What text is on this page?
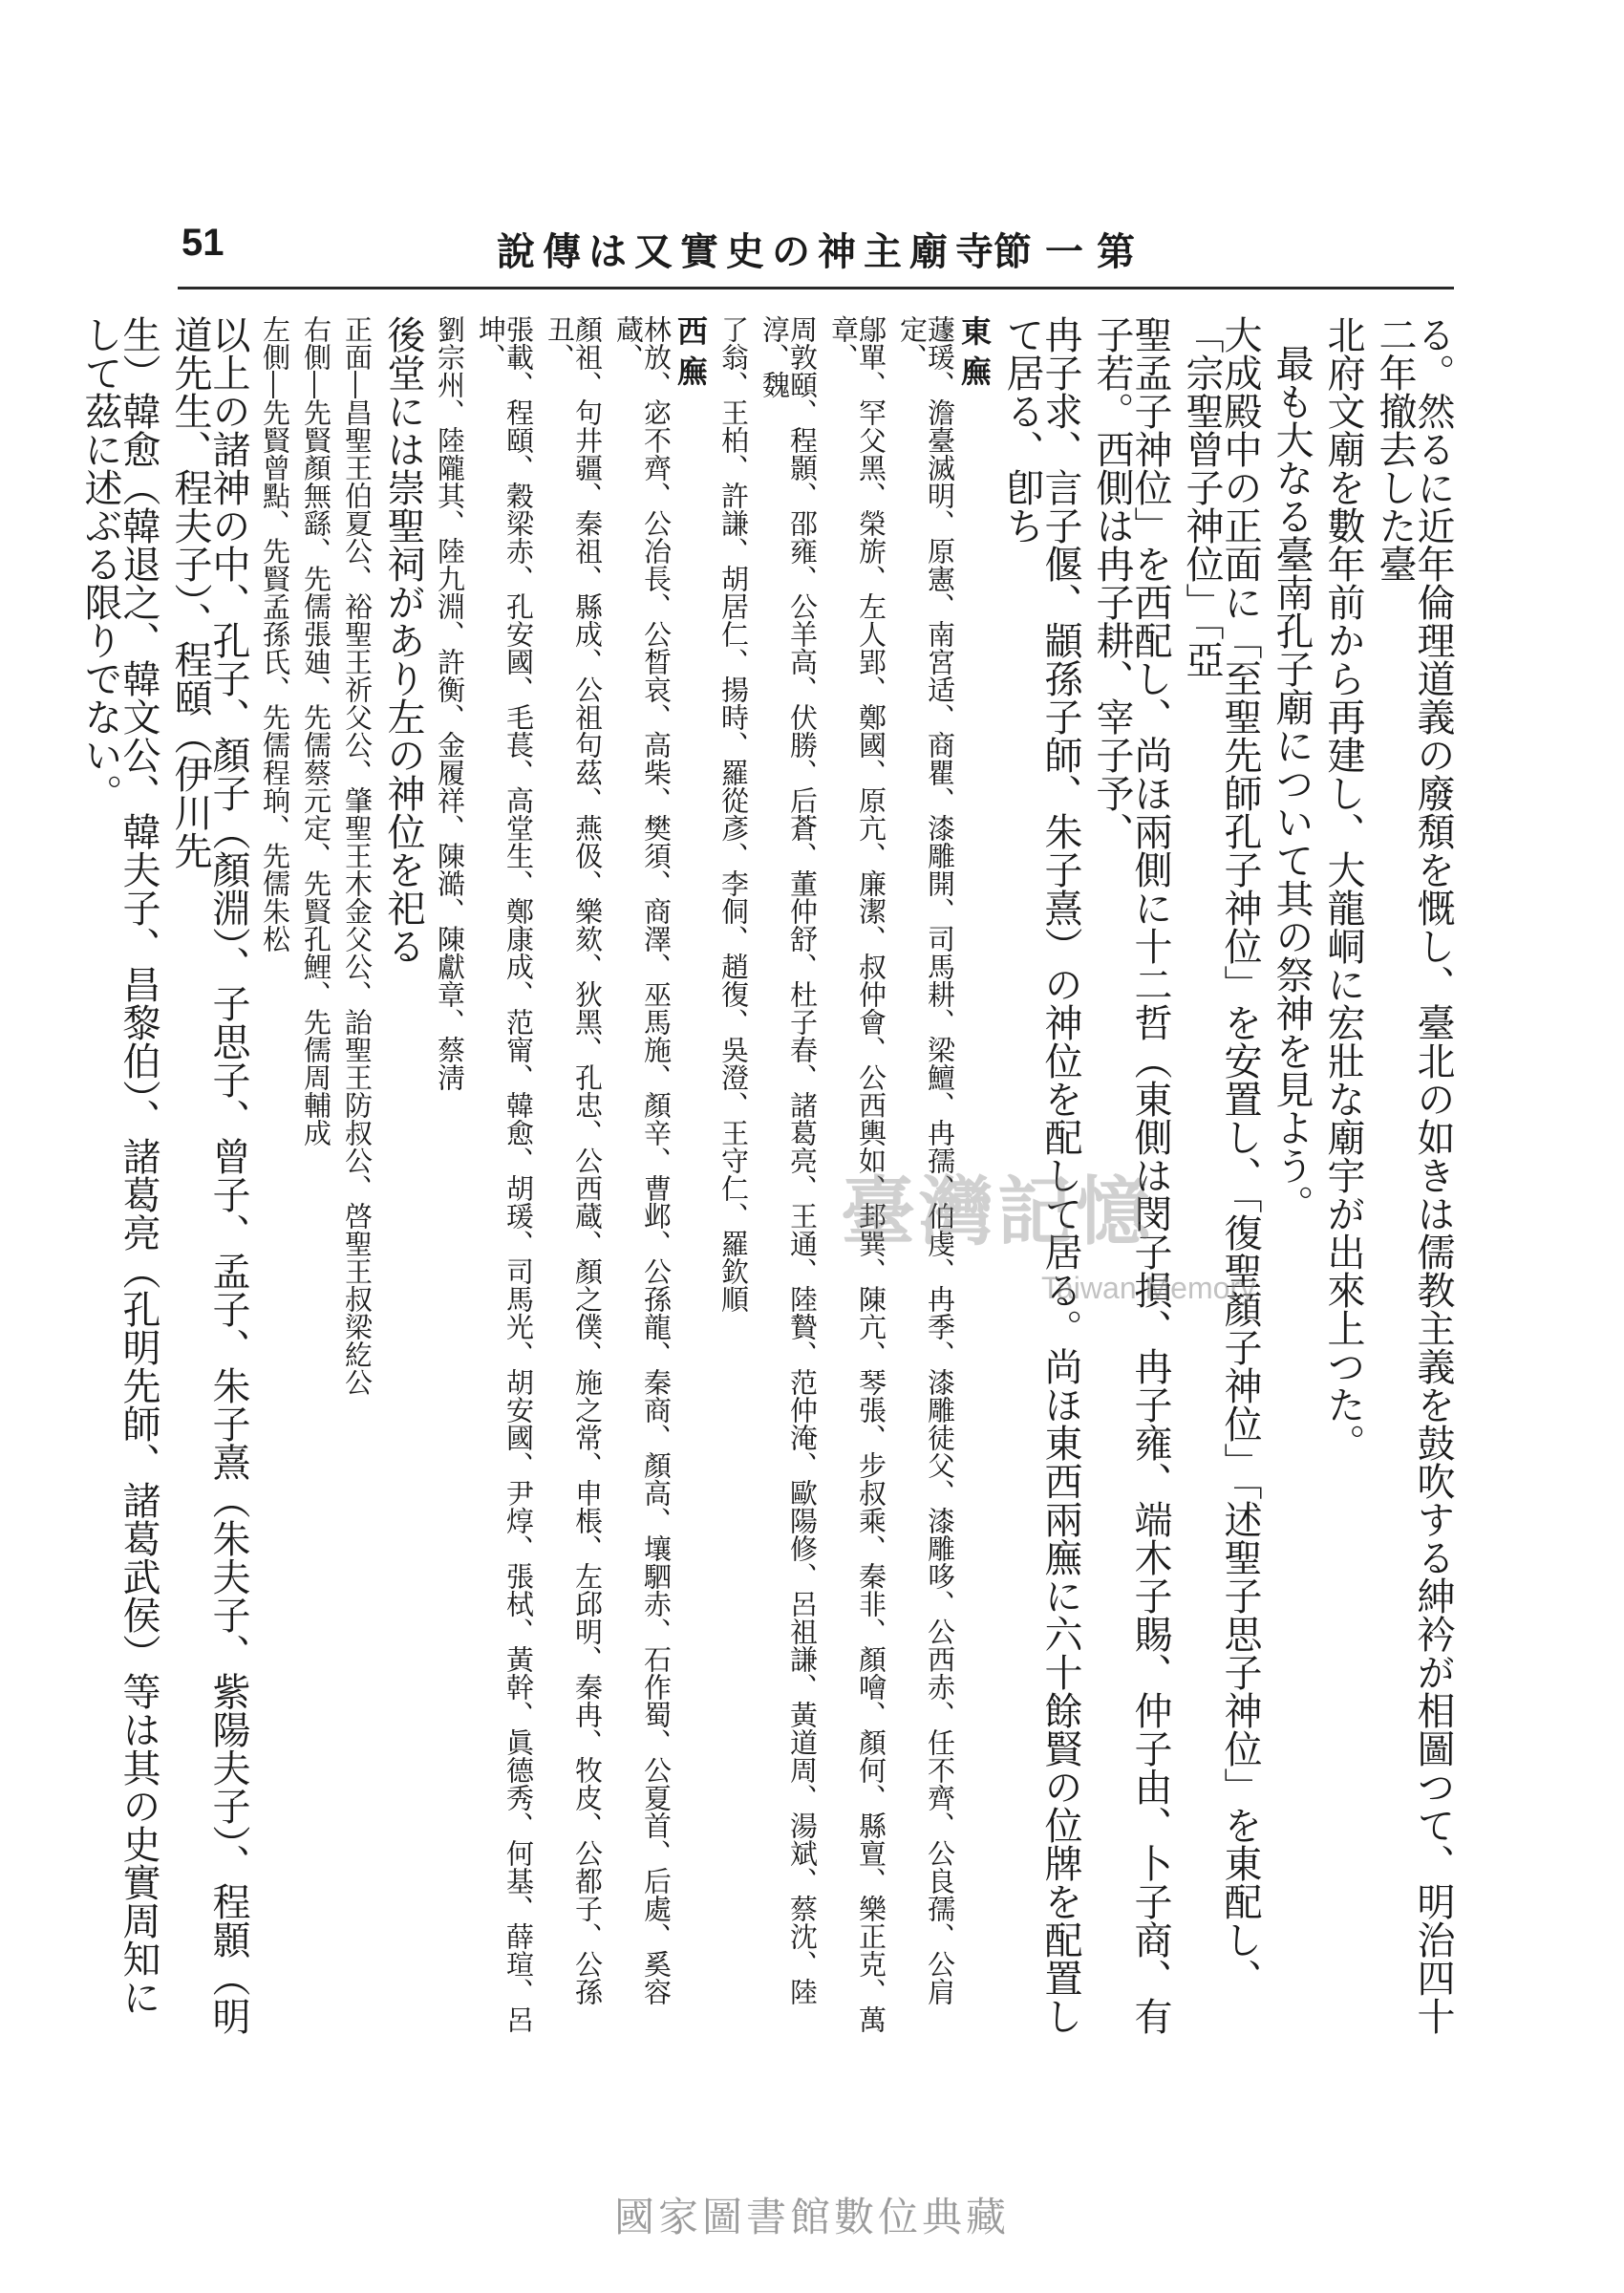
51	說傳は又實史の神主廟寺
節一第
る。然るに近年倫理道義の廢頽を慨し、臺北の如きは儒教主義を鼓吹する紳衿が相圖つて、明治四十二年撤去した臺
北府文廟を數年前から再建し、大龍峒に宏壯な廟宇が出來上つた。
最も大なる臺南孔子廟について其の祭神を見よう。
大成殿中の正面に「至聖先師孔子神位」を安置し、「復聖顏子神位」「述聖子思子神位」を東配し、「宗聖曾子神位」「亞
聖孟子神位」を西配し、尚ほ兩側に十二哲（東側は閔子損、冉子雍、端木子賜、仲子由、卜子商、有子若。西側は冉子耕、宰子予、
冉子求、言子偃、顓孫子師、朱子熹）の神位を配して居る。尚ほ東西兩廡に六十餘賢の位牌を配置して居る、卽ち
東廡
蘧瑗、澹臺滅明、原憲、南宮适、商瞿、漆雕開、司馬耕、梁鱣、冉孺、伯虔、冉季、漆雕徒父、漆雕哆、公西赤、任不齊、公良孺、公肩定、
鄔單、罕父黑、榮旂、左人郢、鄭國、原亢、廉潔、叔仲會、公西輿如、邽巽、陳亢、琴張、步叔乘、秦非、顏噲、顏何、縣亶、樂正克、萬章、
周敦頤、程顥、邵雍、公羊高、伏勝、后蒼、董仲舒、杜子春、諸葛亮、王通、陸贄、范仲淹、歐陽修、呂祖謙、黃道周、湯斌、蔡沈、陸淳、魏
了翁、王柏、許謙、胡居仁、揚時、羅從彥、李侗、趙復、吳澄、王守仁、羅欽順
西廡
林放、宓不齊、公冶長、公晳哀、高柴、樊須、商澤、巫馬施、顏辛、曹邺、公孫龍、秦商、顏高、壤駟赤、石作蜀、公夏首、后處、奚容蔵、
顏祖、句井疆、秦祖、縣成、公祖句茲、燕伋、樂欬、狄黑、孔忠、公西蔵、顏之僕、施之常、申棖、左邱明、秦冉、牧皮、公都子、公孫丑、
張載、程頤、穀梁赤、孔安國、毛萇、高堂生、鄭康成、范甯、韓愈、胡瑗、司馬光、胡安國、尹焞、張栻、黃幹、眞德秀、何基、薛瑄、呂坤、
劉宗州、陸隴其、陸九淵、許衡、金履祥、陳澔、陳獻章、蔡淸
後堂には崇聖祠があり左の神位を祀る
正面―昌聖王伯夏公、裕聖王祈父公、肇聖王木金父公、詒聖王防叔公、啓聖王叔梁紇公
右側―先賢顏無繇、先儒張廸、先儒蔡元定、先賢孔鯉、先儒周輔成
左側―先賢曾點、先賢孟孫氏、先儒程珦、先儒朱松
以上の諸神の中、孔子、顏子（顏淵）、子思子、曾子、孟子、朱子熹（朱夫子、紫陽夫子）、程顥（明道先生、程夫子）、程頤（伊川先
生）韓愈（韓退之、韓文公、韓夫子、昌黎伯）、諸葛亮（孔明先師、諸葛武侯）等は其の史實周知にして茲に述ぶる限りでない。
臺灣記憶
Taiwan Memory
國家圖書館數位典藏
